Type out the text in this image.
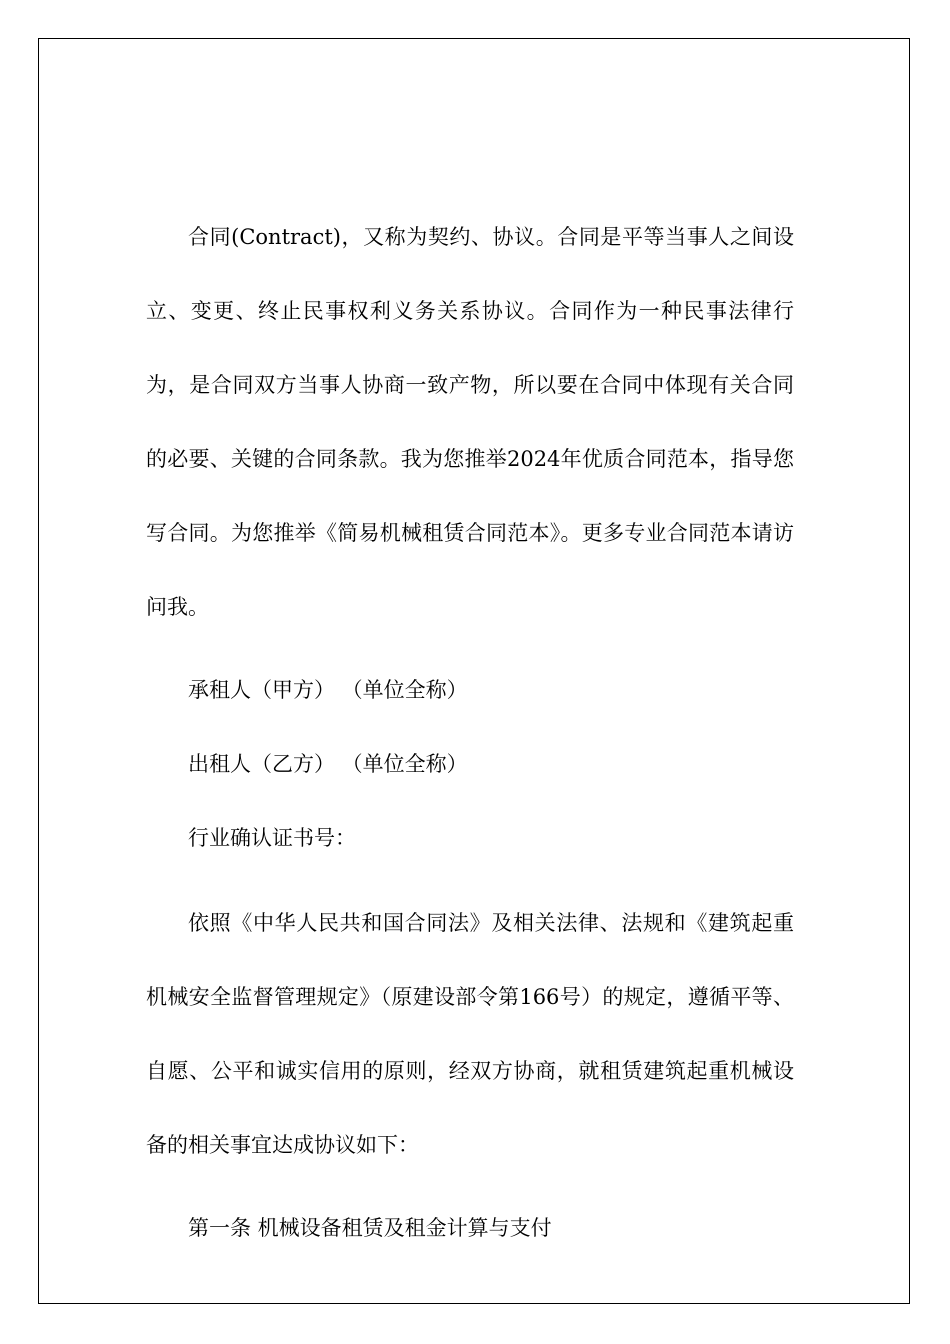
合同(Contract)，又称为契约、协议。合同是平等当事人之间设立、变更、终止民事权利义务关系协议。合同作为一种民事法律行为，是合同双方当事人协商一致产物，所以要在合同中体现有关合同的必要、关键的合同条款。我为您推举2024年优质合同范本，指导您写合同。为您推举《简易机械租赁合同范本》。更多专业合同范本请访问我。

承租人（甲方） （单位全称）

出租人（乙方） （单位全称）

行业确认证书号：

依照《中华人民共和国合同法》及相关法律、法规和《建筑起重机械安全监督管理规定》（原建设部令第166号）的规定，遵循平等、自愿、公平和诚实信用的原则，经双方协商，就租赁建筑起重机械设备的相关事宜达成协议如下：

第一条 机械设备租赁及租金计算与支付
